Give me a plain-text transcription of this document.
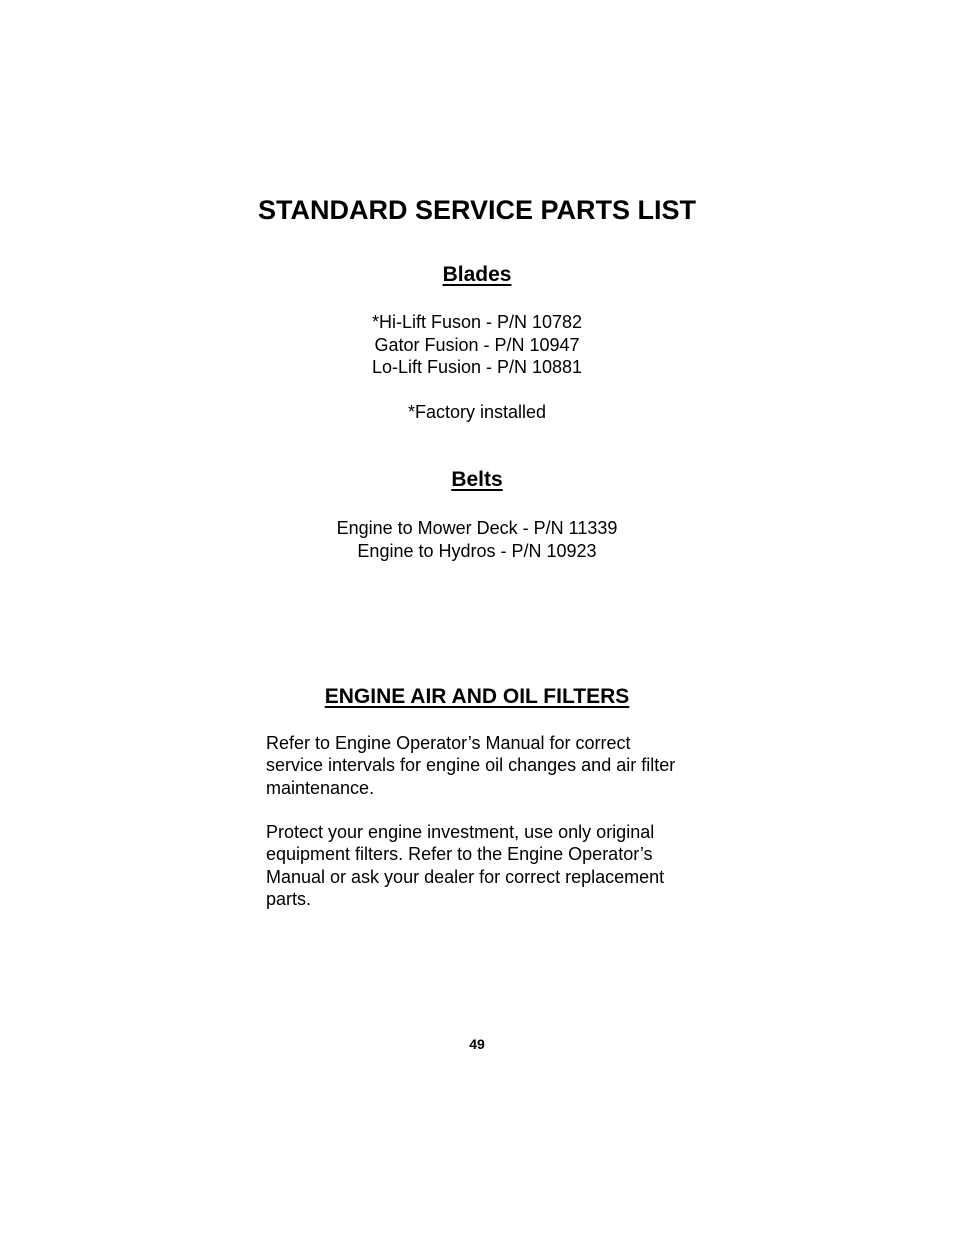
STANDARD SERVICE PARTS LIST
Blades
*Hi-Lift Fuson - P/N 10782
Gator Fusion - P/N 10947
Lo-Lift Fusion - P/N 10881
*Factory installed
Belts
Engine to Mower Deck - P/N 11339
Engine to Hydros - P/N 10923
ENGINE AIR AND OIL FILTERS
Refer to Engine Operator’s Manual for correct
service intervals for engine oil changes and air filter
maintenance.
Protect your engine investment, use only original
equipment filters. Refer to the Engine Operator’s
Manual or ask your dealer for correct replacement
parts.
49
